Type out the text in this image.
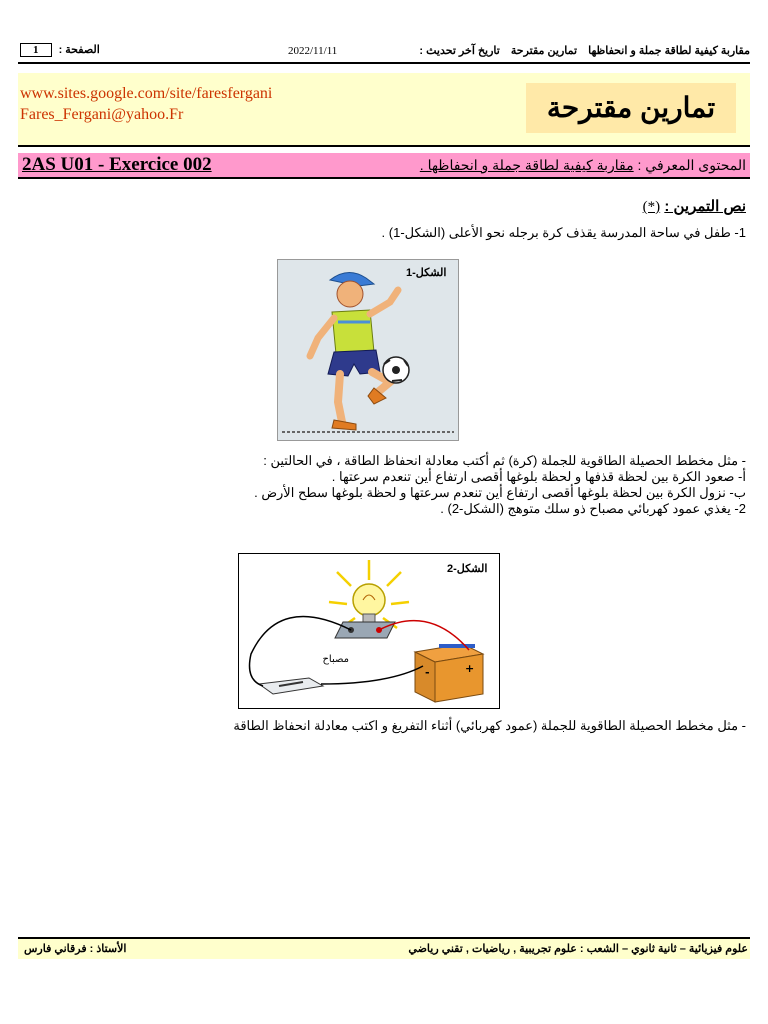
مقاربة كيفية لطاقة جملة و انحفاظها تمارين مقترحة تاريخ آخر تحديث :
2022/11/11
الصفحة : 1
www.sites.google.com/site/faresfergani
Fares_Fergani@yahoo.Fr	تمارين مقترحة
2AS U01 - Exercice 002	المحتوى المعرفي : مقاربة كيفية لطاقة جملة و انحفاظها .
نص التمرين : (*)
1- طفل في ساحة المدرسة يقذف كرة برجله نحو الأعلى (الشكل-1) .
الشكل-1
- مثل مخطط الحصيلة الطاقوية للجملة (كرة) ثم أكتب معادلة انحفاظ الطاقة ، في الحالتين :
أ- صعود الكرة بين لحظة قذفها و لحظة بلوغها أقصى ارتفاع أين تنعدم سرعتها .
ب- نزول الكرة بين لحظة بلوغها أقصى ارتفاع أين تنعدم سرعتها و لحظة بلوغها سطح الأرض .
2- يغذي عمود كهربائي مصباح ذو سلك متوهج (الشكل-2) .
مصباح
-	+
الشكل-2
- مثل مخطط الحصيلة الطاقوية للجملة (عمود كهربائي) أثناء التفريغ و اكتب معادلة انحفاظ الطاقة
علوم فيزيائية – ثانية ثانوي – الشعب : علوم تجريبية , رياضيات , تقني رياضي
الأستاذ : فرقاني فارس
